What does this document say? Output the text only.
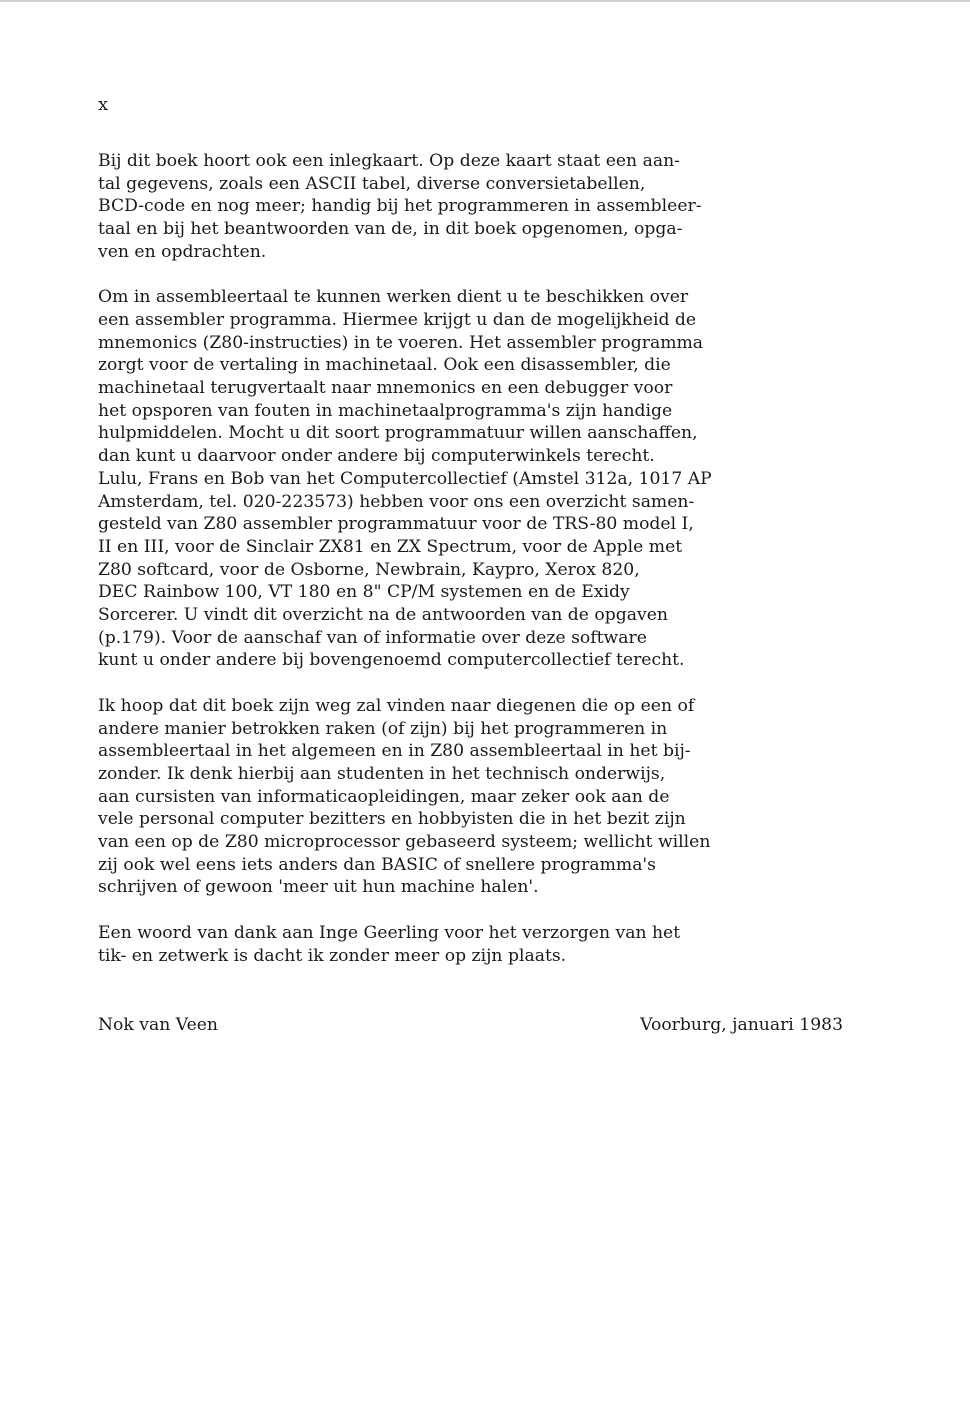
x
Bij dit boek hoort ook een inlegkaart. Op deze kaart staat een aan-
tal gegevens, zoals een ASCII tabel, diverse conversietabellen,
BCD-code en nog meer; handig bij het programmeren in assembleer-
taal en bij het beantwoorden van de, in dit boek opgenomen, opga-
ven en opdrachten.
Om in assembleertaal te kunnen werken dient u te beschikken over
een assembler programma. Hiermee krijgt u dan de mogelijkheid de
mnemonics (Z80-instructies) in te voeren. Het assembler programma
zorgt voor de vertaling in machinetaal. Ook een disassembler, die
machinetaal terugvertaalt naar mnemonics en een debugger voor
het opsporen van fouten in machinetaalprogramma's zijn handige
hulpmiddelen. Mocht u dit soort programmatuur willen aanschaffen,
dan kunt u daarvoor onder andere bij computerwinkels terecht.
Lulu, Frans en Bob van het Computercollectief (Amstel 312a, 1017 AP
Amsterdam, tel. 020-223573) hebben voor ons een overzicht samen-
gesteld van Z80 assembler programmatuur voor de TRS-80 model I,
II en III, voor de Sinclair ZX81 en ZX Spectrum, voor de Apple met
Z80 softcard, voor de Osborne, Newbrain, Kaypro, Xerox 820,
DEC Rainbow 100, VT 180 en 8" CP/M systemen en de Exidy
Sorcerer. U vindt dit overzicht na de antwoorden van de opgaven
(p.179). Voor de aanschaf van of informatie over deze software
kunt u onder andere bij bovengenoemd computercollectief terecht.
Ik hoop dat dit boek zijn weg zal vinden naar diegenen die op een of
andere manier betrokken raken (of zijn) bij het programmeren in
assembleertaal in het algemeen en in Z80 assembleertaal in het bij-
zonder. Ik denk hierbij aan studenten in het technisch onderwijs,
aan cursisten van informaticaopleidingen, maar zeker ook aan de
vele personal computer bezitters en hobbyisten die in het bezit zijn
van een op de Z80 microprocessor gebaseerd systeem; wellicht willen
zij ook wel eens iets anders dan BASIC of snellere programma's
schrijven of gewoon 'meer uit hun machine halen'.
Een woord van dank aan Inge Geerling voor het verzorgen van het
tik- en zetwerk is dacht ik zonder meer op zijn plaats.
Nok van Veen	Voorburg, januari 1983
